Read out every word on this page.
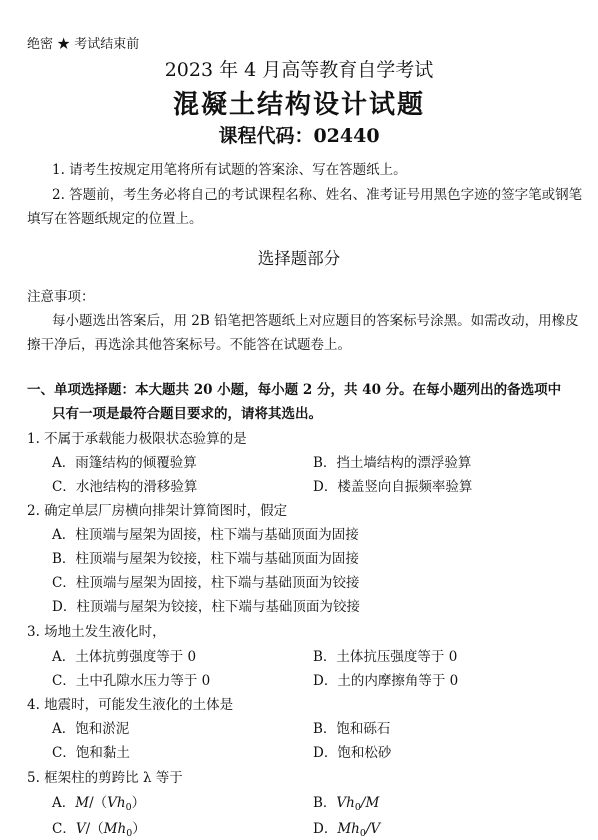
绝密 ★ 考试结束前
2023 年 4 月高等教育自学考试
混凝土结构设计试题
课程代码：02440
1. 请考生按规定用笔将所有试题的答案涂、写在答题纸上。
2. 答题前，考生务必将自己的考试课程名称、姓名、准考证号用黑色字迹的签字笔或钢笔
填写在答题纸规定的位置上。
选择题部分
注意事项：
每小题选出答案后，用 2B 铅笔把答题纸上对应题目的答案标号涂黑。如需改动，用橡皮
擦干净后，再选涂其他答案标号。不能答在试题卷上。
一、单项选择题：本大题共 20 小题，每小题 2 分，共 40 分。在每小题列出的备选项中
只有一项是最符合题目要求的，请将其选出。
1. 不属于承载能力极限状态验算的是
A．雨篷结构的倾覆验算	B．挡土墙结构的漂浮验算
C．水池结构的滑移验算	D．楼盖竖向自振频率验算
2. 确定单层厂房横向排架计算简图时，假定
A．柱顶端与屋架为固接，柱下端与基础顶面为固接
B．柱顶端与屋架为铰接，柱下端与基础顶面为固接
C．柱顶端与屋架为固接，柱下端与基础顶面为铰接
D．柱顶端与屋架为铰接，柱下端与基础顶面为铰接
3. 场地土发生液化时，
A．土体抗剪强度等于 0	B．土体抗压强度等于 0
C．土中孔隙水压力等于 0	D．土的内摩擦角等于 0
4. 地震时，可能发生液化的土体是
A．饱和淤泥	B．饱和砾石
C．饱和黏土	D．饱和松砂
5. 框架柱的剪跨比 λ 等于
A．$M/(Vh_0)$	B．$Vh_0/M$
C．$V/(Mh_0)$	D．$Mh_0/V$
